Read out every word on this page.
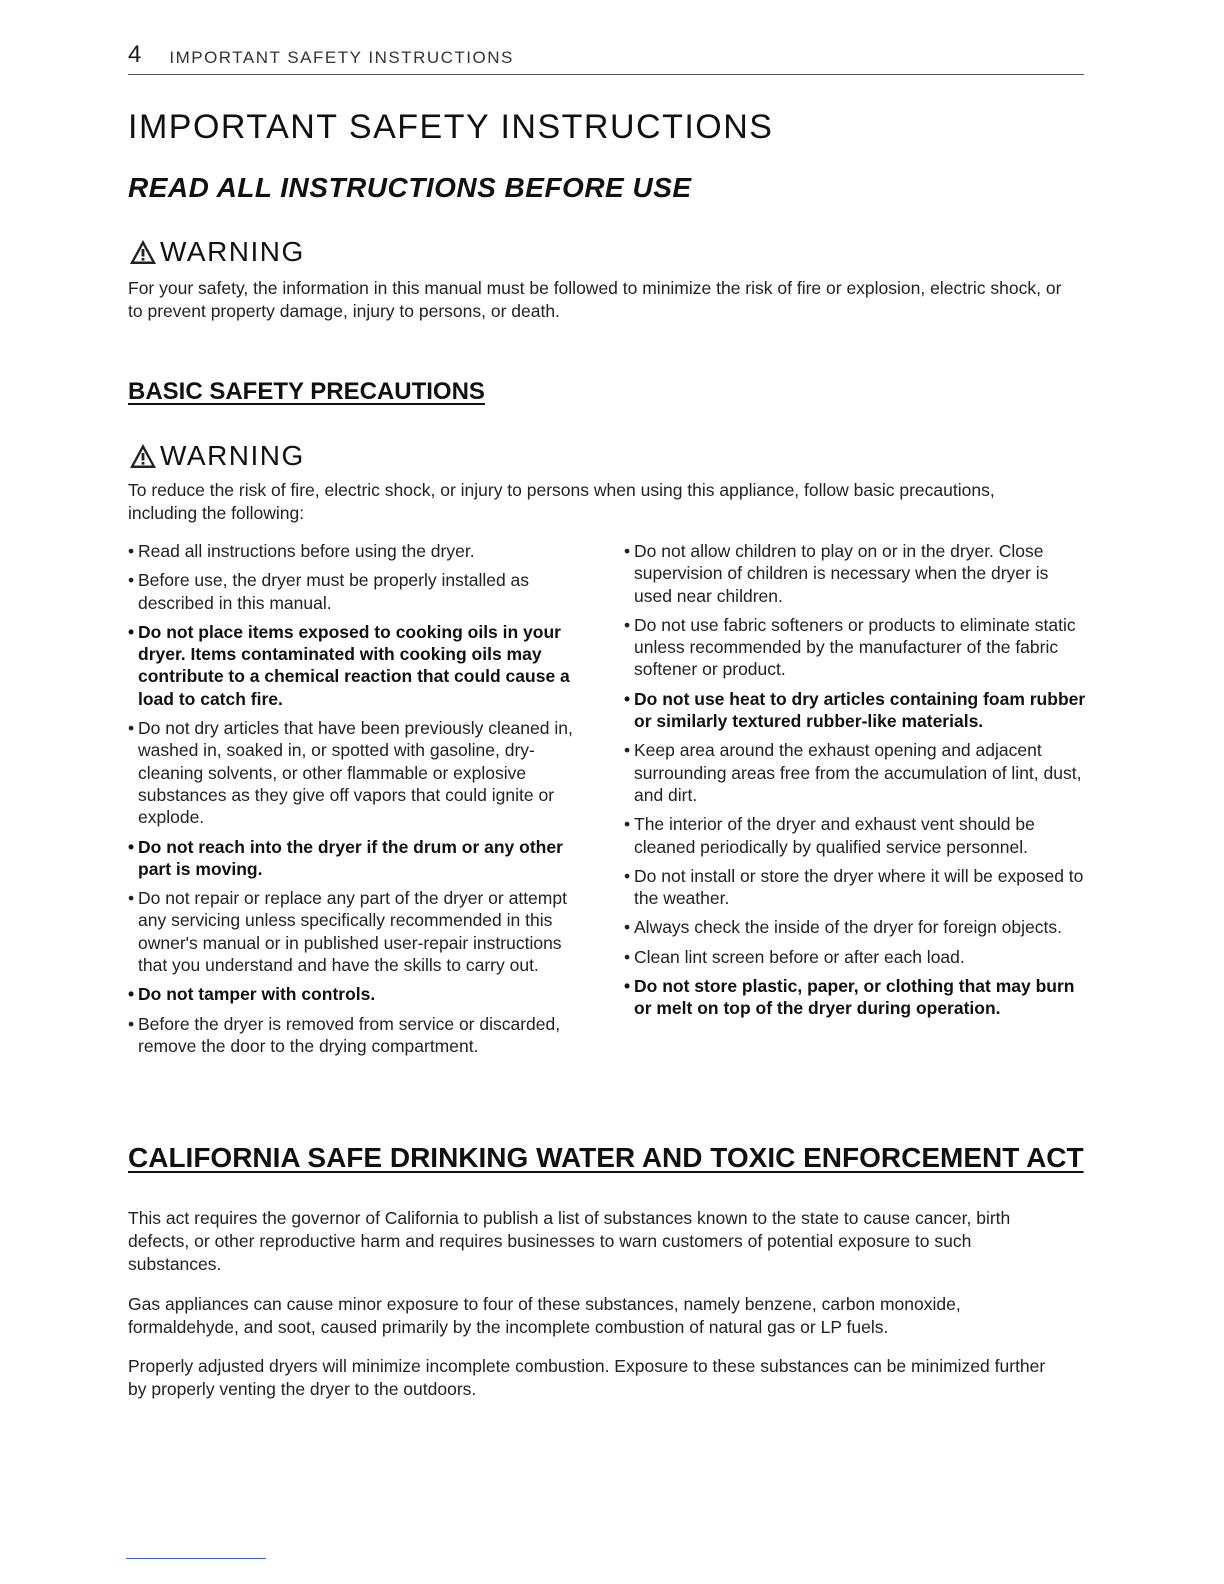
4 IMPORTANT SAFETY INSTRUCTIONS
IMPORTANT SAFETY INSTRUCTIONS
READ ALL INSTRUCTIONS BEFORE USE
WARNING

For your safety, the information in this manual must be followed to minimize the risk of fire or explosion, electric shock, or to prevent property damage, injury to persons, or death.

BASIC SAFETY PRECAUTIONS
WARNING

To reduce the risk of fire, electric shock, or injury to persons when using this appliance, follow basic precautions, including the following:

• Read all instructions before using the dryer.
• Before use, the dryer must be properly installed as described in this manual.
• Do not place items exposed to cooking oils in your dryer. Items contaminated with cooking oils may contribute to a chemical reaction that could cause a load to catch fire.
• Do not dry articles that have been previously cleaned in, washed in, soaked in, or spotted with gasoline, dry-cleaning solvents, or other flammable or explosive substances as they give off vapors that could ignite or explode.
• Do not reach into the dryer if the drum or any other part is moving.
• Do not repair or replace any part of the dryer or attempt any servicing unless specifically recommended in this owner's manual or in published user-repair instructions that you understand and have the skills to carry out.
• Do not tamper with controls.
• Before the dryer is removed from service or discarded, remove the door to the drying compartment.
• Do not allow children to play on or in the dryer. Close supervision of children is necessary when the dryer is used near children.
• Do not use fabric softeners or products to eliminate static unless recommended by the manufacturer of the fabric softener or product.
• Do not use heat to dry articles containing foam rubber or similarly textured rubber-like materials.
• Keep area around the exhaust opening and adjacent surrounding areas free from the accumulation of lint, dust, and dirt.
• The interior of the dryer and exhaust vent should be cleaned periodically by qualified service personnel.
• Do not install or store the dryer where it will be exposed to the weather.
• Always check the inside of the dryer for foreign objects.
• Clean lint screen before or after each load.
• Do not store plastic, paper, or clothing that may burn or melt on top of the dryer during operation.
CALIFORNIA SAFE DRINKING WATER AND TOXIC ENFORCEMENT ACT

This act requires the governor of California to publish a list of substances known to the state to cause cancer, birth defects, or other reproductive harm and requires businesses to warn customers of potential exposure to such substances.

Gas appliances can cause minor exposure to four of these substances, namely benzene, carbon monoxide, formaldehyde, and soot, caused primarily by the incomplete combustion of natural gas or LP fuels.

Properly adjusted dryers will minimize incomplete combustion. Exposure to these substances can be minimized further by properly venting the dryer to the outdoors.
